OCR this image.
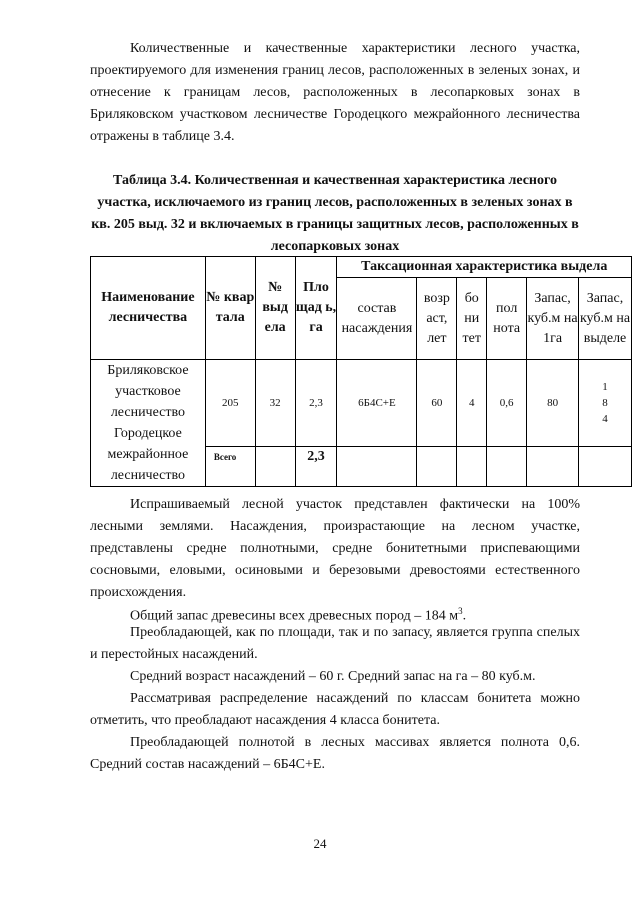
Количественные и качественные характеристики лесного участка, проектируемого для изменения границ лесов, расположенных в зеленых зонах, и отнесение к границам лесов, расположенных в лесопарковых зонах в Бриляковском участковом лесничестве Городецкого межрайонного лесничества отражены в таблице 3.4.

Таблица 3.4. Количественная и качественная характеристика лесного участка, исключаемого из границ лесов, расположенных в зеленых зонах в кв. 205 выд. 32 и включаемых в границы защитных лесов, расположенных в лесопарковых зонах
Наименование лесничества	№ квар тала	№ выд ела	Пло щад ь, га	Таксационная характеристика выдела					
				состав насаждения	возр аст, лет	бо ни тет	пол нота	Запас, куб.м на 1га	Запас, куб.м на выделе
Бриляковское участковое лесничество Городецкое межрайонное лесничество	205	32	2,3	6Б4С+Е	60	4	0,6	80	1
8
4

	Всего		2,3						

Испрашиваемый лесной участок представлен фактически на 100% лесными землями. Насаждения, произрастающие на лесном участке, представлены средне полнотными, средне бонитетными приспевающими сосновыми, еловыми, осиновыми и березовыми древостоями естественного происхождения.

Общий запас древесины всех древесных пород – 184 $м^3$.

Преобладающей, как по площади, так и по запасу, является группа спелых и перестойных насаждений.

Средний возраст насаждений – 60 г. Средний запас на га – 80 куб.м.

Рассматривая распределение насаждений по классам бонитета можно отметить, что преобладают насаждения 4 класса бонитета.

Преобладающей полнотой в лесных массивах является полнота 0,6. Средний состав насаждений – 6Б4С+Е.

24
